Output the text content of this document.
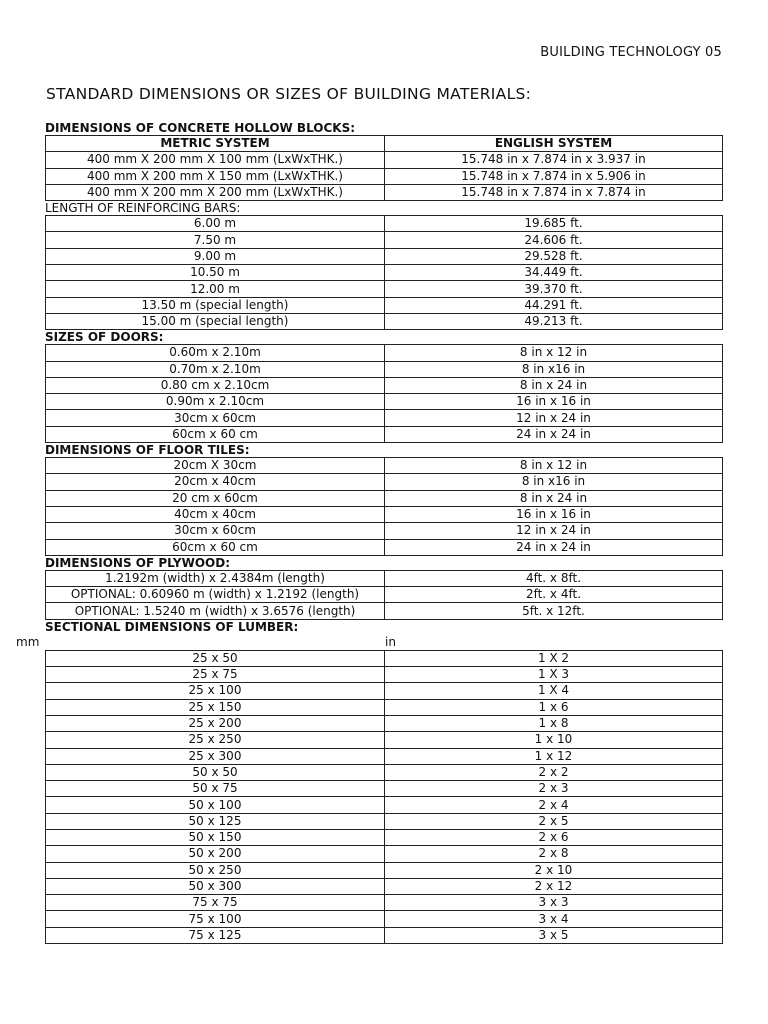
BUILDING TECHNOLOGY 05
STANDARD DIMENSIONS OR SIZES OF BUILDING MATERIALS:
DIMENSIONS OF CONCRETE HOLLOW BLOCKS:
METRIC SYSTEM	ENGLISH SYSTEM
400 mm X 200 mm X 100 mm (LxWxTHK.)	15.748 in x 7.874 in x 3.937 in
400 mm X 200 mm X 150 mm (LxWxTHK.)	15.748 in x 7.874 in x 5.906 in
400 mm X 200 mm X 200 mm (LxWxTHK.)	15.748 in x 7.874 in x 7.874 in
LENGTH OF REINFORCING BARS:
6.00 m	19.685 ft.
7.50 m	24.606 ft.
9.00 m	29.528 ft.
10.50 m	34.449 ft.
12.00 m	39.370 ft.
13.50 m (special length)	44.291 ft.
15.00 m (special length)	49.213 ft.
SIZES OF DOORS:
0.60m x 2.10m	8 in x 12 in
0.70m x 2.10m	8 in x16 in
0.80 cm x 2.10cm	8 in x 24 in
0.90m x 2.10cm	16 in x 16 in
30cm x 60cm	12 in x 24 in
60cm x 60 cm	24 in x 24 in
DIMENSIONS OF FLOOR TILES:
20cm X 30cm	8 in x 12 in
20cm x 40cm	8 in x16 in
20 cm x 60cm	8 in x 24 in
40cm x 40cm	16 in x 16 in
30cm x 60cm	12 in x 24 in
60cm x 60 cm	24 in x 24 in
DIMENSIONS OF PLYWOOD:
1.2192m (width) x 2.4384m (length)	4ft. x 8ft.
OPTIONAL: 0.60960 m (width) x 1.2192 (length)	2ft. x 4ft.
OPTIONAL: 1.5240 m (width) x 3.6576 (length)	5ft. x 12ft.
SECTIONAL DIMENSIONS OF LUMBER:
mm	in
25 x 50	1 X 2
25 x 75	1 X 3
25 x 100	1 X 4
25 x 150	1 x 6
25 x 200	1 x 8
25 x 250	1 x 10
25 x 300	1 x 12
50 x 50	2 x 2
50 x 75	2 x 3
50 x 100	2 x 4
50 x 125	2 x 5
50 x 150	2 x 6
50 x 200	2 x 8
50 x 250	2 x 10
50 x 300	2 x 12
75 x 75	3 x 3
75 x 100	3 x 4
75 x 125	3 x 5
